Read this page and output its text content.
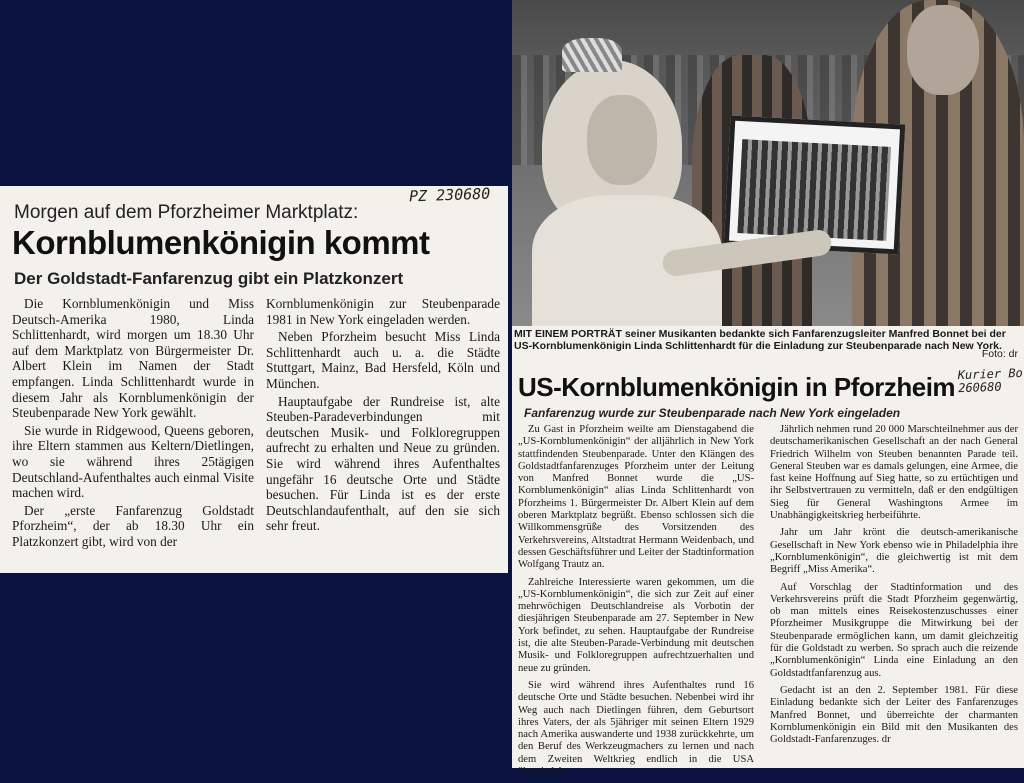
PZ 230680
Morgen auf dem Pforzheimer Marktplatz:
Kornblumenkönigin kommt
Der Goldstadt-Fanfarenzug gibt ein Platzkonzert

Die Kornblumenkönigin und Miss Deutsch-Amerika 1980, Linda Schlittenhardt, wird morgen um 18.30 Uhr auf dem Marktplatz von Bürgermeister Dr. Albert Klein im Namen der Stadt empfangen. Linda Schlittenhardt wurde in diesem Jahr als Kornblumenkönigin der Steubenparade New York gewählt.

Sie wurde in Ridgewood, Queens geboren, ihre Eltern stammen aus Keltern/Dietlingen, wo sie während ihres 25tägigen Deutschland-Aufenthaltes auch einmal Visite machen wird.

Der „erste Fanfarenzug Goldstadt Pforzheim“, der ab 18.30 Uhr ein Platzkonzert gibt, wird von der

Kornblumenkönigin zur Steubenparade 1981 in New York eingeladen werden.

Neben Pforzheim besucht Miss Linda Schlittenhardt auch u. a. die Städte Stuttgart, Mainz, Bad Hersfeld, Köln und München.

Hauptaufgabe der Rundreise ist, alte Steuben-Paradeverbindungen mit deutschen Musik- und Folkloregruppen aufrecht zu erhalten und Neue zu gründen. Sie wird während ihres Aufenthaltes ungefähr 16 deutsche Orte und Städte besuchen. Für Linda ist es der erste Deutschlandaufenthalt, auf den sie sich sehr freut.

MIT EINEM PORTRÄT seiner Musikanten bedankte sich Fanfarenzugsleiter Manfred Bonnet bei der US-Kornblumenkönigin Linda Schlittenhardt für die Einladung zur Steubenparade nach New York.
Foto: dr
US-Kornblumenkönigin in Pforzheim Kurier Bo
260680
Fanfarenzug wurde zur Steubenparade nach New York eingeladen

Zu Gast in Pforzheim weilte am Dienstagabend die „US-Kornblumenkönigin“ der alljährlich in New York stattfindenden Steubenparade. Unter den Klängen des Goldstadtfanfarenzuges Pforzheim unter der Leitung von Manfred Bonnet wurde die „US-Kornblumenkönigin“ alias Linda Schlittenhardt von Pforzheims 1. Bürgermeister Dr. Albert Klein auf dem oberen Marktplatz begrüßt. Ebenso schlossen sich die Willkommensgrüße des Vorsitzenden des Verkehrsvereins, Altstadtrat Hermann Weidenbach, und dessen Geschäftsführer und Leiter der Stadtinformation Wolfgang Trautz an.

Zahlreiche Interessierte waren gekommen, um die „US-Kornblumenkönigin“, die sich zur Zeit auf einer mehrwöchigen Deutschlandreise als Vorbotin der diesjährigen Steubenparade am 27. September in New York befindet, zu sehen. Hauptaufgabe der Rundreise ist, die alte Steuben-Parade-Verbindung mit deutschen Musik- und Folkloregruppen aufrechtzuerhalten und neue zu gründen.

Sie wird während ihres Aufenthaltes rund 16 deutsche Orte und Städte besuchen. Nebenbei wird ihr Weg auch nach Dietlingen führen, dem Geburtsort ihres Vaters, der als 5jähriger mit seinen Eltern 1929 nach Amerika auswanderte und 1938 zurückkehrte, um den Beruf des Werkzeugmachers zu lernen und nach dem Zweiten Weltkrieg endlich in die USA übersiedelte.

Jährlich nehmen rund 20 000 Marschteilnehmer aus der deutschamerikanischen Gesellschaft an der nach General Friedrich Wilhelm von Steuben benannten Parade teil. General Steuben war es damals gelungen, eine Armee, die fast keine Hoffnung auf Sieg hatte, so zu ertüchtigen und ihr Selbstvertrauen zu vermitteln, daß er den endgültigen Sieg für General Washingtons Armee im Unabhängigkeitskrieg herbeiführte.

Jahr um Jahr krönt die deutsch-amerikanische Gesellschaft in New York ebenso wie in Philadelphia ihre „Kornblumenkönigin“, die gleichwertig ist mit dem Begriff „Miss Amerika“.

Auf Vorschlag der Stadtinformation und des Verkehrsvereins prüft die Stadt Pforzheim gegenwärtig, ob man mittels eines Reisekostenzuschusses einer Pforzheimer Musikgruppe die Mitwirkung bei der Steubenparade ermöglichen kann, um damit gleichzeitig für die Goldstadt zu werben. So sprach auch die reizende „Kornblumenkönigin“ Linda eine Einladung an den Goldstadtfanfarenzug aus.

Gedacht ist an den 2. September 1981. Für diese Einladung bedankte sich der Leiter des Fanfarenzuges Manfred Bonnet, und überreichte der charmanten Kornblumenkönigin ein Bild mit den Musikanten des Goldstadt-Fanfarenzuges. dr
